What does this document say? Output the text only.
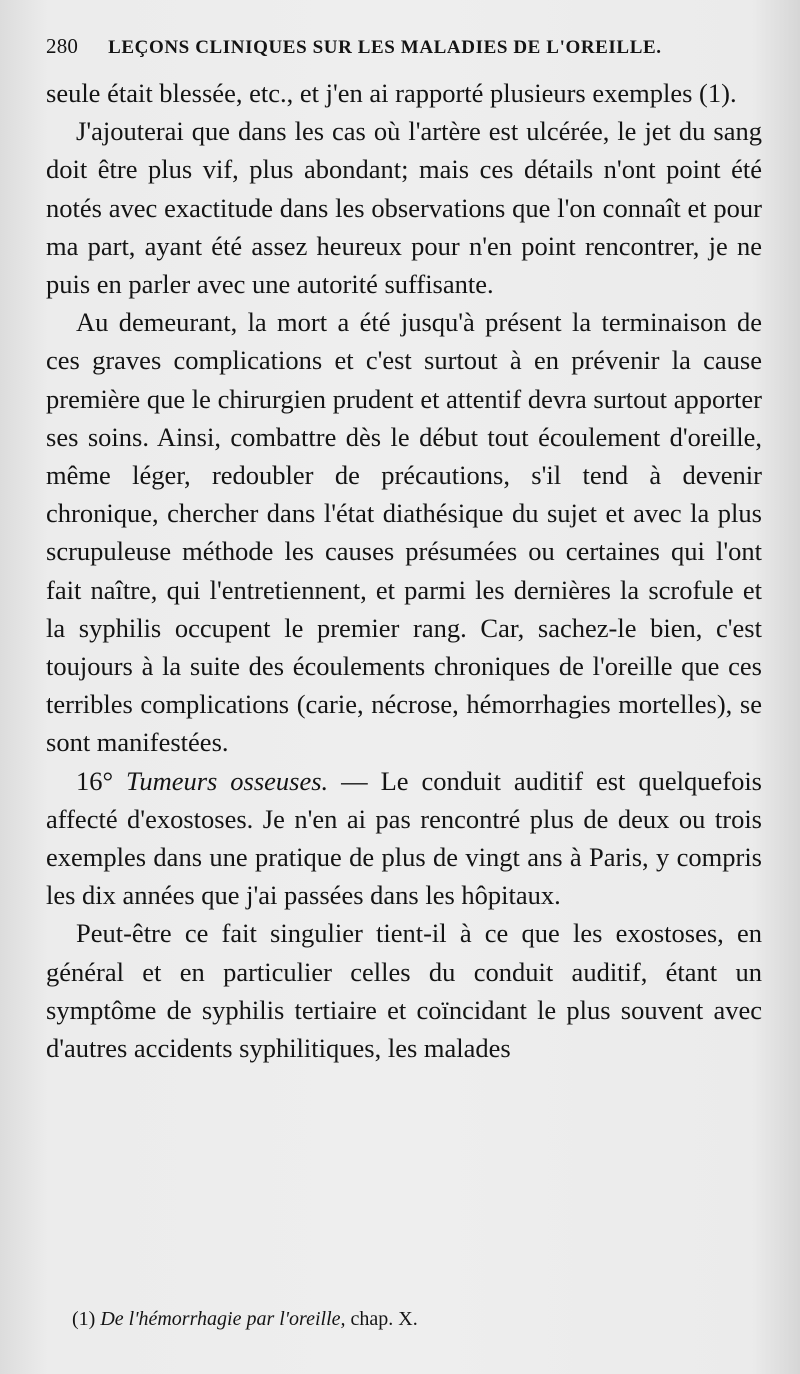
280 LEÇONS CLINIQUES SUR LES MALADIES DE L'OREILLE.

seule était blessée, etc., et j'en ai rapporté plusieurs exemples (1).

J'ajouterai que dans les cas où l'artère est ulcérée, le jet du sang doit être plus vif, plus abondant; mais ces détails n'ont point été notés avec exactitude dans les observations que l'on connaît et pour ma part, ayant été assez heureux pour n'en point rencontrer, je ne puis en parler avec une autorité suffisante.

Au demeurant, la mort a été jusqu'à présent la terminaison de ces graves complications et c'est surtout à en prévenir la cause première que le chirurgien prudent et attentif devra surtout apporter ses soins. Ainsi, combattre dès le début tout écoulement d'oreille, même léger, redoubler de précautions, s'il tend à devenir chronique, chercher dans l'état diathésique du sujet et avec la plus scrupuleuse méthode les causes présumées ou certaines qui l'ont fait naître, qui l'entretiennent, et parmi les dernières la scrofule et la syphilis occupent le premier rang. Car, sachez-le bien, c'est toujours à la suite des écoulements chroniques de l'oreille que ces terribles complications (carie, nécrose, hémorrhagies mortelles), se sont manifestées.

16° Tumeurs osseuses. — Le conduit auditif est quelquefois affecté d'exostoses. Je n'en ai pas rencontré plus de deux ou trois exemples dans une pratique de plus de vingt ans à Paris, y compris les dix années que j'ai passées dans les hôpitaux.

Peut-être ce fait singulier tient-il à ce que les exostoses, en général et en particulier celles du conduit auditif, étant un symptôme de syphilis tertiaire et coïncidant le plus souvent avec d'autres accidents syphilitiques, les malades

(1) De l'hémorrhagie par l'oreille, chap. X.
